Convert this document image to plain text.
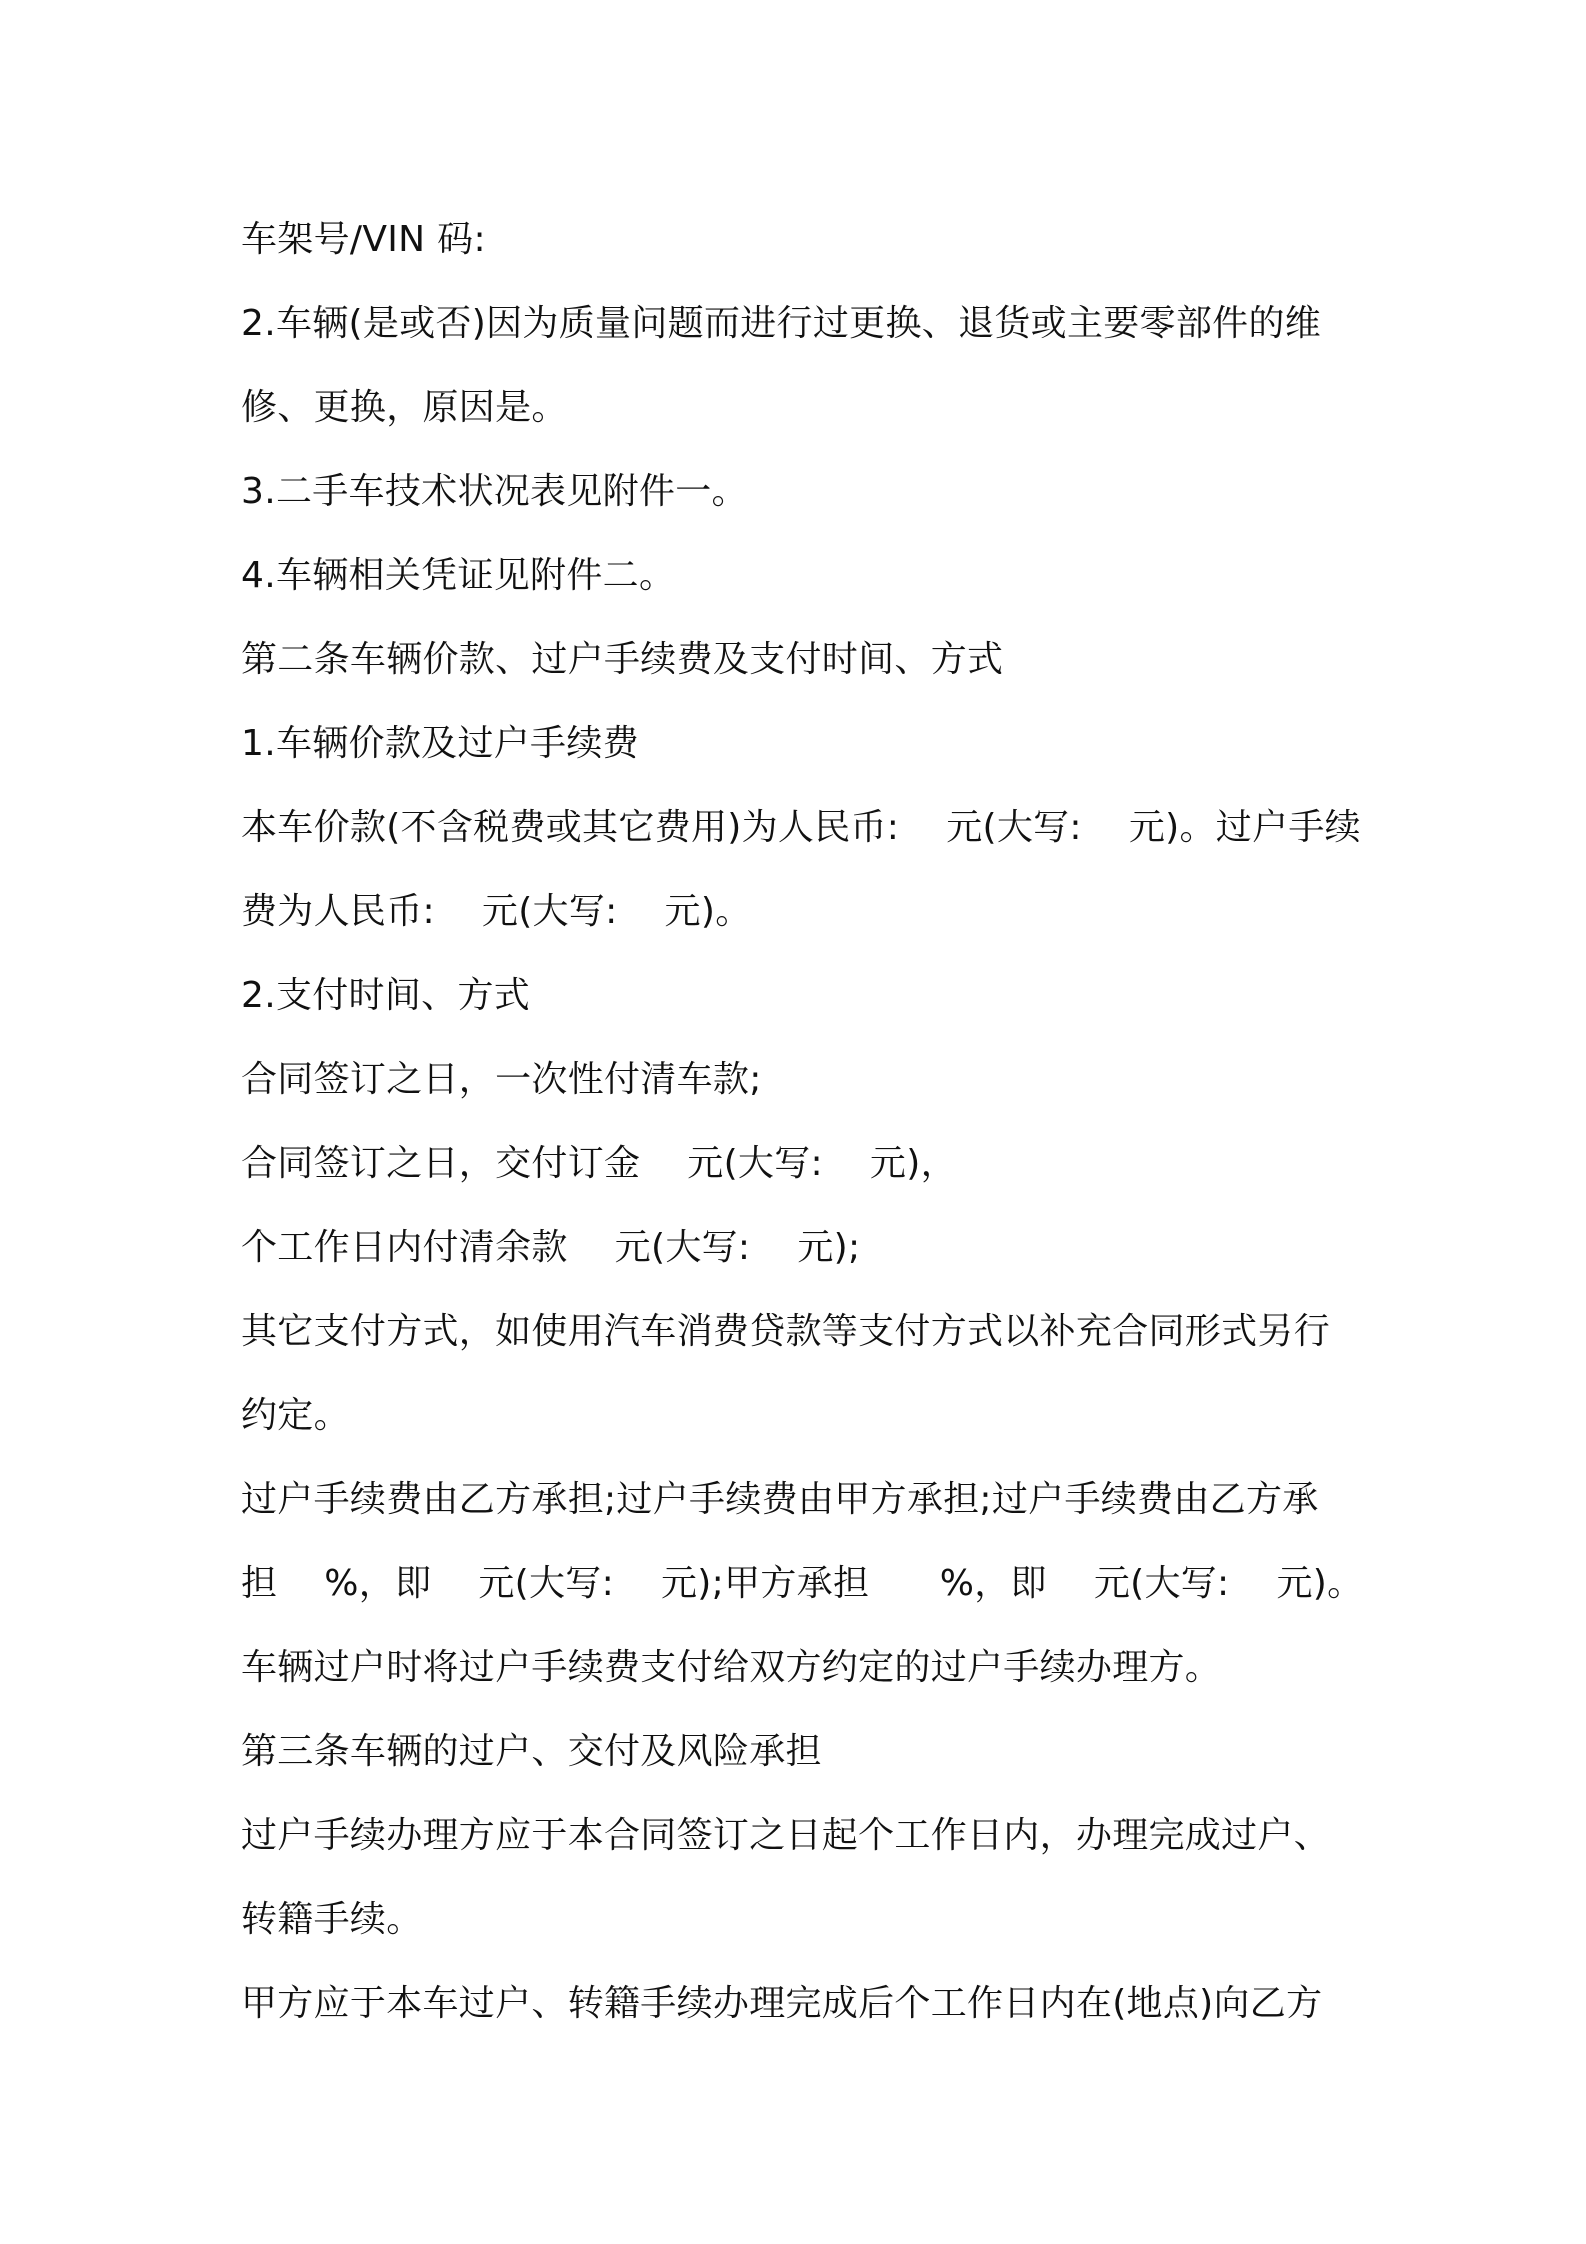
车架号/VIN 码:
2.车辆(是或否)因为质量问题而进行过更换、退货或主要零部件的维
修、更换，原因是。
3.二手车技术状况表见附件一。
4.车辆相关凭证见附件二。
第二条车辆价款、过户手续费及支付时间、方式
1.车辆价款及过户手续费
本车价款(不含税费或其它费用)为人民币:    元(大写:    元)。过户手续
费为人民币:    元(大写:    元)。
2.支付时间、方式
合同签订之日，一次性付清车款;
合同签订之日，交付订金    元(大写:    元)，
个工作日内付清余款    元(大写:    元);
其它支付方式，如使用汽车消费贷款等支付方式以补充合同形式另行
约定。
过户手续费由乙方承担;过户手续费由甲方承担;过户手续费由乙方承
担    %，即    元(大写:    元);甲方承担      %，即    元(大写:    元)。
车辆过户时将过户手续费支付给双方约定的过户手续办理方。
第三条车辆的过户、交付及风险承担
过户手续办理方应于本合同签订之日起个工作日内，办理完成过户、
转籍手续。
甲方应于本车过户、转籍手续办理完成后个工作日内在(地点)向乙方
